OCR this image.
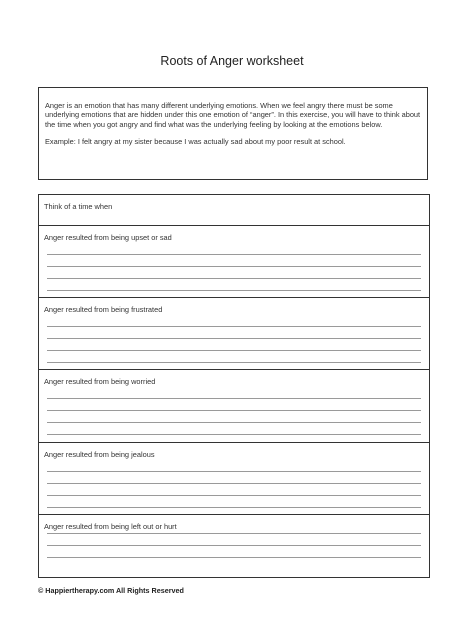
Roots of Anger worksheet

Anger is an emotion that has many different underlying emotions. When we feel angry there must be some underlying emotions that are hidden under this one emotion of “anger”. In this exercise, you will have to think about the time when you got angry and find what was the underlying feeling by looking at the emotions below.

Example: I felt angry at my sister because I was actually sad about my poor result at school.

Think of a time when
Anger resulted from being upset or sad
Anger resulted from being frustrated
Anger resulted from being worried
Anger resulted from being jealous
Anger resulted from being left out or hurt
© Happiertherapy.com All Rights Reserved
